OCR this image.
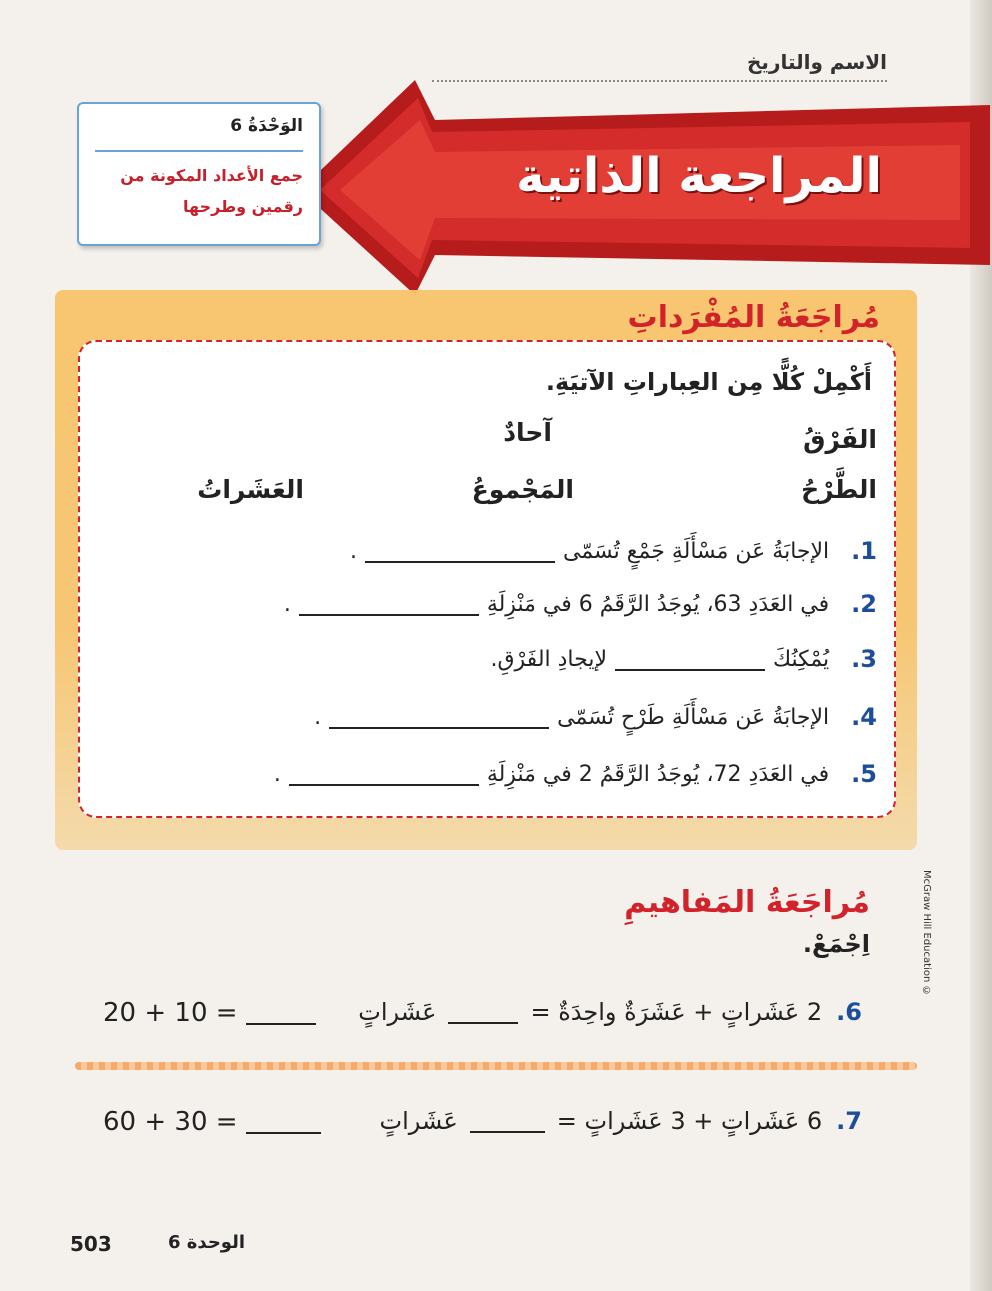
الاسم والتاريخ
المراجعة الذاتية
الوَحْدَةُ 6
جمع الأعداد المكونة من رقمين وطرحها
مُراجَعَةُ المُفْرَداتِ
أَكْمِلْ كُلًّا مِن العِباراتِ الآتيَةِ.
الفَرْقُ
آحادٌ
الطَّرْحُ
المَجْموعُ
العَشَراتُ
1.
الإجابَةُ عَن مَسْأَلَةِ جَمْعٍ تُسَمّى
.
2.
في العَدَدِ 63، يُوجَدُ الرَّقَمُ 6 في مَنْزِلَةِ
.
3.
يُمْكِنُكَ
لإيجادِ الفَرْقِ.
4.
الإجابَةُ عَن مَسْأَلَةِ طَرْحٍ تُسَمّى
.
5.
في العَدَدِ 72، يُوجَدُ الرَّقَمُ 2 في مَنْزِلَةِ
.
مُراجَعَةُ المَفاهيمِ
اِجْمَعْ.
6.
2 عَشَراتٍ + عَشَرَةٌ واحِدَةٌ =
عَشَراتٍ
20 + 10 =
7.
6 عَشَراتٍ + 3 عَشَراتٍ =
عَشَراتٍ
60 + 30 =
McGraw Hill Education ©
503	الوحدة 6
